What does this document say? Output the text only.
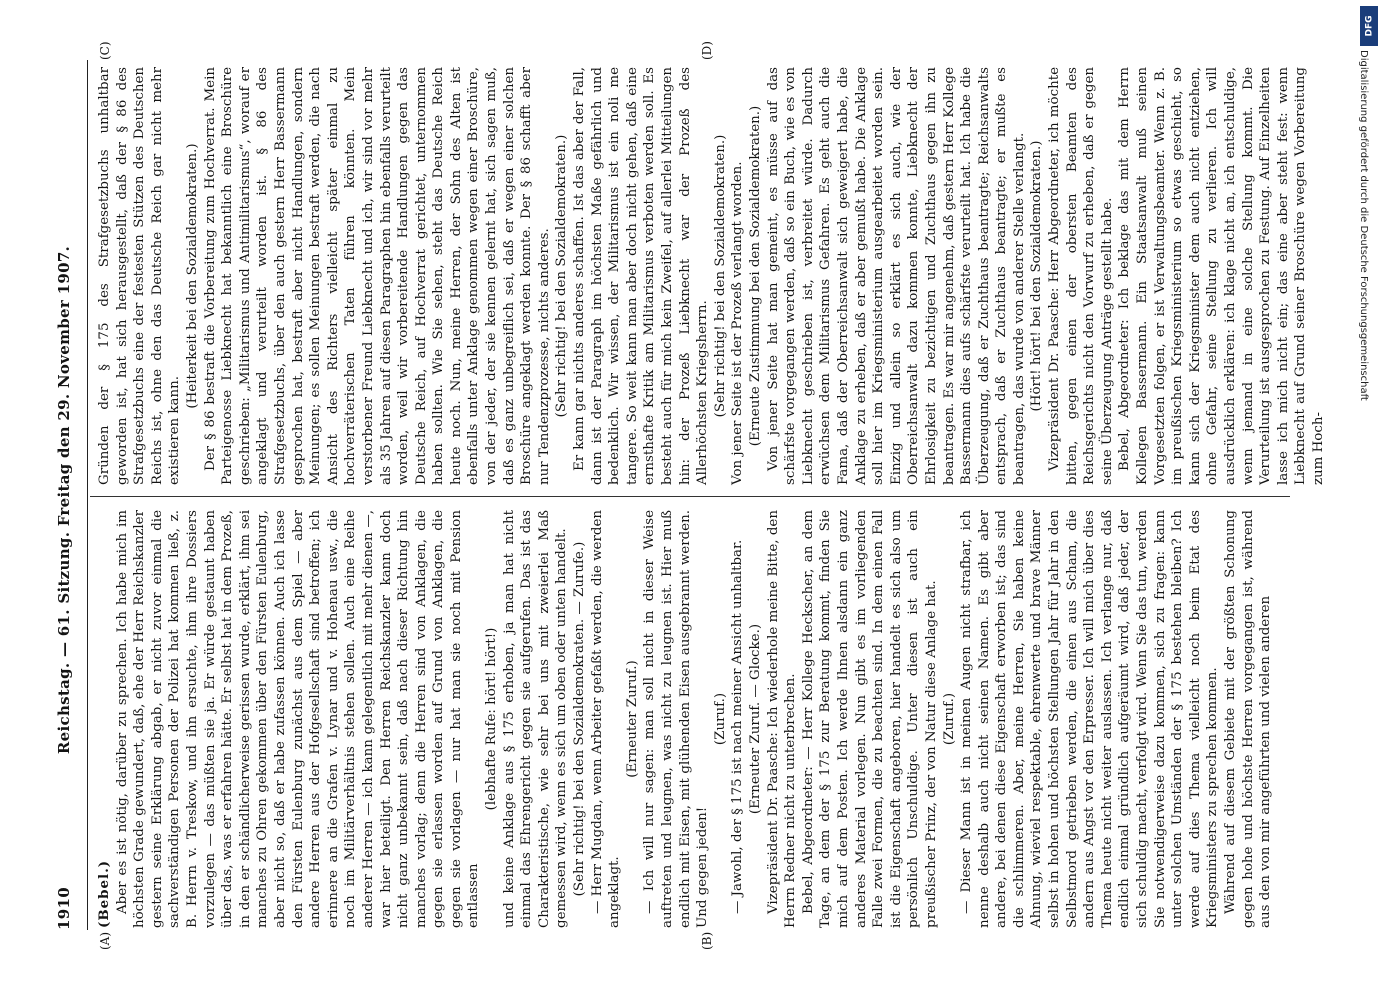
1910
Reichstag. — 61. Sitzung. Freitag den 29. November 1907.
(A)	(B)
(C)	(D)

(Bebel.) Aber es ist nötig, darüber zu sprechen. Ich habe mich im höchsten Grade gewundert, daß, ehe der Herr Reichskanzler gestern seine Erklärung abgab, er nicht zuvor einmal die sachverständigen Personen der Polizei hat kommen ließ, z. B. Herrn v. Treskow, und ihn ersuchte, ihm ihre Dossiers vorzulegen — das müßten sie ja. Er würde gestaunt haben über das, was er erfahren hätte. Er selbst hat in dem Prozeß, in den er schändlicherweise gerissen wurde, erklärt, ihm sei manches zu Ohren gekommen über den Fürsten Eulenburg, aber nicht so, daß er habe zufassen können. Auch ich lasse den Fürsten Eulenburg zunächst aus dem Spiel — aber andere Herren aus der Hofgesellschaft sind betroffen; ich erinnere an die Grafen v. Lynar und v. Hohenau usw., die noch im Militärverhältnis stehen sollen. Auch eine Reihe anderer Herren — ich kann gelegentlich mit mehr dienen —, war hier beteiligt. Den Herren Reichskanzler kann doch nicht ganz unbekannt sein, daß nach dieser Richtung hin manches vorlag; denn die Herren sind von Anklagen, die gegen sie erlassen worden auf Grund von Anklagen, die gegen sie vorlagen — nur hat man sie noch mit Pension entlassen

(lebhafte Rufe: hört! hört!) und keine Anklage aus § 175 erhoben, ja man hat nicht einmal das Ehrengericht gegen sie aufgerufen. Das ist das Charakteristische, wie sehr bei uns mit zweierlei Maß gemessen wird, wenn es sich um oben oder unten handelt. (Sehr richtig! bei den Sozialdemokraten. — Zurufe.) — Herr Mugdan, wenn Arbeiter gefaßt werden, die werden angeklagt.

(Erneuter Zuruf.) — Ich will nur sagen: man soll nicht in dieser Weise auftreten und leugnen, was nicht zu leugnen ist. Hier muß endlich mit Eisen, mit glühenden Eisen ausgebrannt werden. Und gegen jeden!

(Zuruf.) — Jawohl, der § 175 ist nach meiner Ansicht unhaltbar. (Erneuter Zuruf. — Glocke.) Vizepräsident Dr. Paasche: Ich wiederhole meine Bitte, den Herrn Redner nicht zu unterbrechen. Bebel, Abgeordneter: — Herr Kollege Heckscher, an dem Tage, an dem der § 175 zur Beratung kommt, finden Sie mich auf dem Posten. Ich werde Ihnen alsdann ein ganz anderes Material vorlegen. Nun gibt es im vorliegenden Falle zwei Formen, die zu beachten sind. In dem einen Fall ist die Eigenschaft angeboren, hier handelt es sich also um persönlich Unschuldige. Unter diesen ist auch ein preußischer Prinz, der von Natur diese Anlage hat. (Zuruf.) — Dieser Mann ist in meinen Augen nicht strafbar, ich nenne deshalb auch nicht seinen Namen. Es gibt aber andere, bei denen diese Eigenschaft erworben ist; das sind die schlimmeren. Aber, meine Herren, Sie haben keine Ahnung, wieviel respektable, ehrenwerte und brave Männer selbst in hohen und höchsten Stellungen Jahr für Jahr in den Selbstmord getrieben werden, die einen aus Scham, die andern aus Angst vor den Erpresser. Ich will mich über dies Thema heute nicht weiter auslassen. Ich verlange nur, daß endlich einmal gründlich aufgeräumt wird, daß jeder, der sich schuldig macht, verfolgt wird. Wenn Sie das tun, werden Sie notwendigerweise dazu kommen, sich zu fragen: kann unter solchen Umständen der § 175 bestehen bleiben? Ich werde auf dies Thema vielleicht noch beim Etat des Kriegsministers zu sprechen kommen. Während auf diesem Gebiete mit der größten Schonung gegen hohe und höchste Herren vorgegangen ist, während aus den von mir angeführten und vielen anderen

Gründen der § 175 des Strafgesetzbuchs unhaltbar geworden ist, hat sich herausgestellt, daß der § 86 des Strafgesetzbuchs eine der festesten Stützen des Deutschen Reichs ist, ohne den das Deutsche Reich gar nicht mehr existieren kann.

(Heiterkeit bei den Sozialdemokraten.) Der § 86 bestraft die Vorbereitung zum Hochverrat. Mein Parteigenosse Liebknecht hat bekanntlich eine Broschüre geschrieben: „Militarismus und Antimilitarismus“, worauf er angeklagt und verurteilt worden ist. § 86 des Strafgesetzbuchs, über den auch gestern Herr Bassermann gesprochen hat, bestraft aber nicht Handlungen, sondern Meinungen; es sollen Meinungen bestraft werden, die nach Ansicht des Richters vielleicht später einmal zu hochverräterischen Taten führen könnten. Mein verstorbener Freund Liebknecht und ich, wir sind vor mehr als 35 Jahren auf diesen Paragraphen hin ebenfalls verurteilt worden, weil wir vorbereitende Handlungen gegen das Deutsche Reich, auf Hochverrat gerichtet, unternommen haben sollten. Wie Sie sehen, steht das Deutsche Reich heute noch. Nun, meine Herren, der Sohn des Alten ist ebenfalls unter Anklage genommen wegen einer Broschüre, von der jeder, der sie kennen gelernt hat, sich sagen muß, daß es ganz unbegreiflich sei, daß er wegen einer solchen Broschüre angeklagt werden konnte. Der § 86 schafft aber nur Tendenzprozesse, nichts anderes. (Sehr richtig! bei den Sozialdemokraten.) Er kann gar nichts anderes schaffen. Ist das aber der Fall, dann ist der Paragraph im höchsten Maße gefährlich und bedenklich. Wir wissen, der Militarismus ist ein noli me tangere. So weit kann man aber doch nicht gehen, daß eine ernsthafte Kritik am Militarismus verboten werden soll. Es besteht auch für mich kein Zweifel, auf allerlei Mitteilungen hin: der Prozeß Liebknecht war der Prozeß des Allerhöchsten Kriegsherrn. (Sehr richtig! bei den Sozialdemokraten.) Von jener Seite ist der Prozeß verlangt worden. (Erneute Zustimmung bei den Sozialdemokraten.) Von jener Seite hat man gemeint, es müsse auf das schärfste vorgegangen werden, daß so ein Buch, wie es von Liebknecht geschrieben ist, verbreitet würde. Dadurch erwüchsen dem Militarismus Gefahren. Es geht auch die Fama, daß der Oberreichsanwalt sich geweigert habe, die Anklage zu erheben, daß er aber gemußt habe. Die Anklage soll hier im Kriegsministerium ausgearbeitet worden sein. Einzig und allein so erklärt es sich auch, wie der Oberreichsanwalt dazu kommen konnte, Liebknecht der Ehrlosigkeit zu bezichtigen und Zuchthaus gegen ihn zu beantragen. Es war mir angenehm, daß gestern Herr Kollege Bassermann dies aufs schärfste verurteilt hat. Ich habe die Überzeugung, daß er Zuchthaus beantragte; Reichsanwalts entsprach, daß er Zuchthaus beantragte; er mußte es beantragen, das wurde von anderer Stelle verlangt. (Hört! hört! bei den Sozialdemokraten.) Vizepräsident Dr. Paasche: Herr Abgeordneter, ich möchte bitten, gegen einen der obersten Beamten des Reichsgerichts nicht den Vorwurf zu erheben, daß er gegen seine Überzeugung Anträge gestellt habe. Bebel, Abgeordneter: Ich beklage das mit dem Herrn Kollegen Bassermann. Ein Staatsanwalt muß seinen Vorgesetzten folgen, er ist Verwaltungsbeamter. Wenn z. B. im preußischen Kriegsministerium so etwas geschieht, so kann sich der Kriegsminister dem auch nicht entziehen, ohne Gefahr, seine Stellung zu verlieren. Ich will ausdrücklich erklären: ich klage nicht an, ich entschuldige, wenn jemand in eine solche Stellung kommt. Die Verurteilung ist ausgesprochen zu Festung. Auf Einzelheiten lasse ich mich nicht ein; das eine aber steht fest: wenn Liebknecht auf Grund seiner Broschüre wegen Vorbereitung zum Hoch-

DFG
Digitalisierung gefördert durch die Deutsche Forschungsgemeinschaft
